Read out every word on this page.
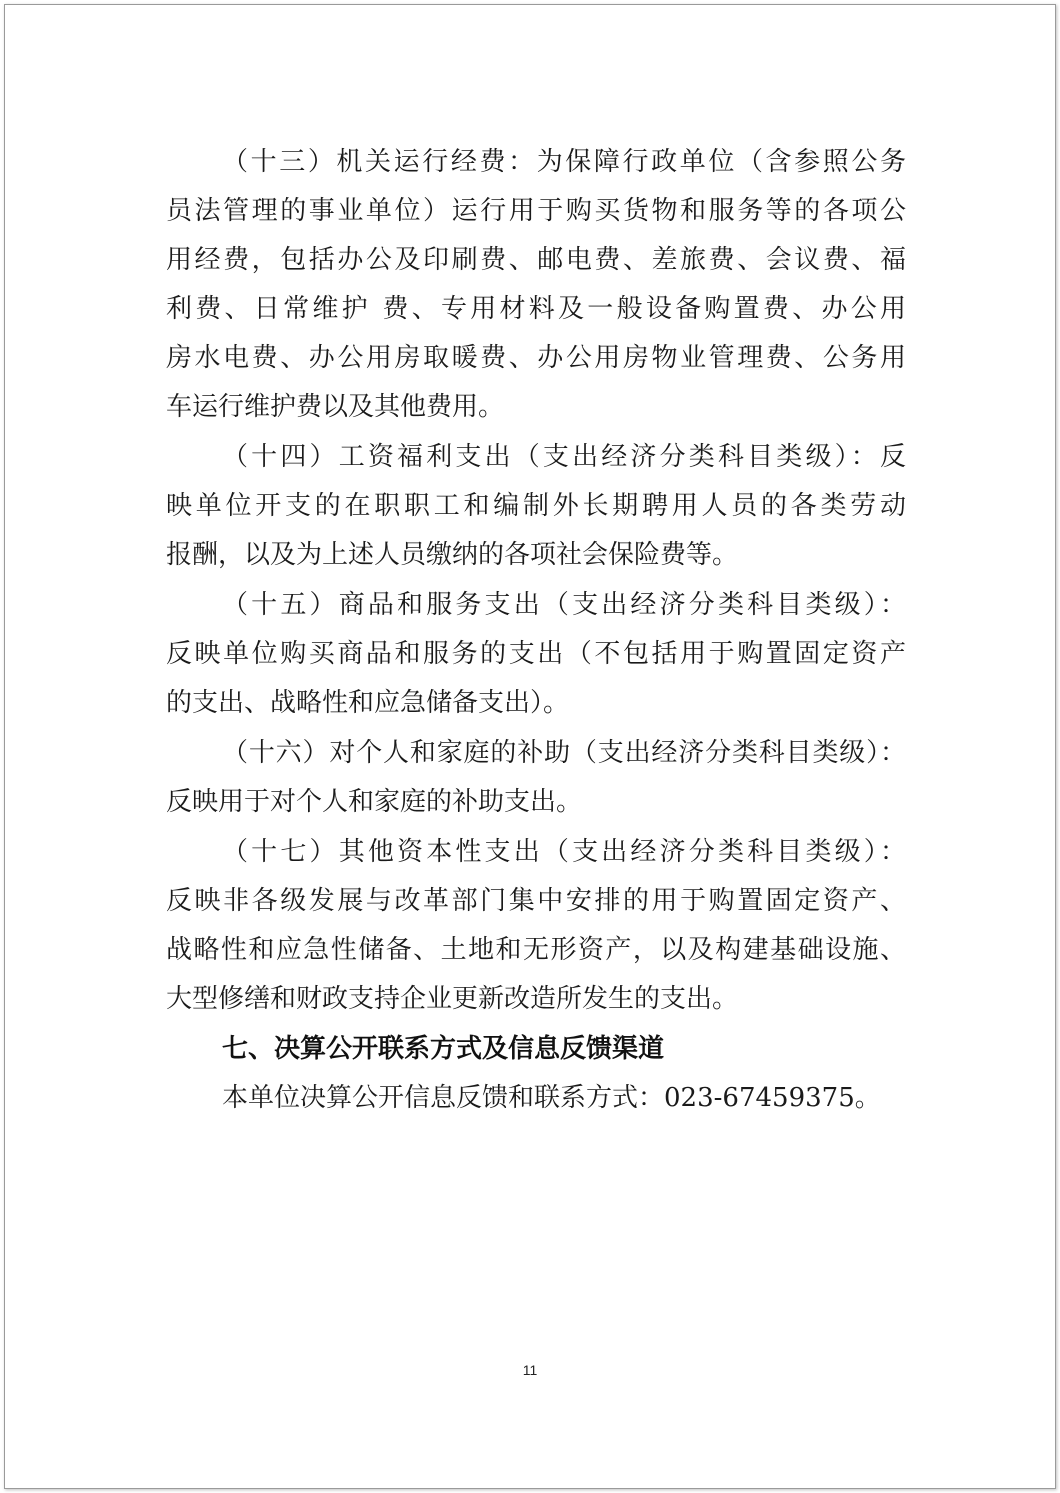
（十三）机关运行经费：为保障行政单位（含参照公务
员法管理的事业单位）运行用于购买货物和服务等的各项公
用经费，包括办公及印刷费、邮电费、差旅费、会议费、福
利费、日常维护 费、专用材料及一般设备购置费、办公用
房水电费、办公用房取暖费、办公用房物业管理费、公务用
车运行维护费以及其他费用。
（十四）工资福利支出（支出经济分类科目类级）：反
映单位开支的在职职工和编制外长期聘用人员的各类劳动
报酬，以及为上述人员缴纳的各项社会保险费等。
（十五）商品和服务支出（支出经济分类科目类级）：
反映单位购买商品和服务的支出（不包括用于购置固定资产
的支出、战略性和应急储备支出）。
（十六）对个人和家庭的补助（支出经济分类科目类级）：
反映用于对个人和家庭的补助支出。
（十七）其他资本性支出（支出经济分类科目类级）：
反映非各级发展与改革部门集中安排的用于购置固定资产、
战略性和应急性储备、土地和无形资产，以及构建基础设施、
大型修缮和财政支持企业更新改造所发生的支出。
七、决算公开联系方式及信息反馈渠道
本单位决算公开信息反馈和联系方式：023-67459375。
11
